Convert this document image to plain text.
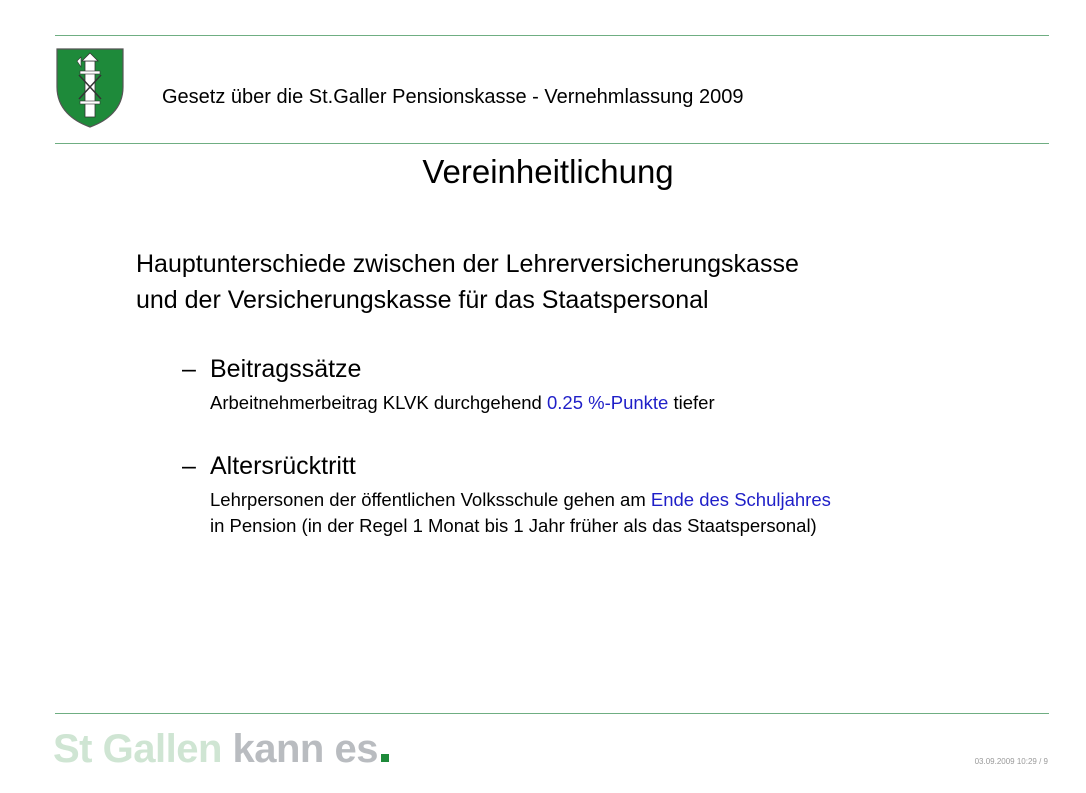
Gesetz über die St.Galler Pensionskasse - Vernehmlassung 2009
Vereinheitlichung
Hauptunterschiede zwischen der Lehrerversicherungskasse
und der Versicherungskasse für das Staatspersonal
– Beitragssätze
Arbeitnehmerbeitrag KLVK durchgehend 0.25 %-Punkte tiefer
– Altersrücktritt
Lehrpersonen der öffentlichen Volksschule gehen am Ende des Schuljahres
in Pension (in der Regel 1 Monat bis 1 Jahr früher als das Staatspersonal)
St Gallen kann es	03.09.2009 10:29 / 9
